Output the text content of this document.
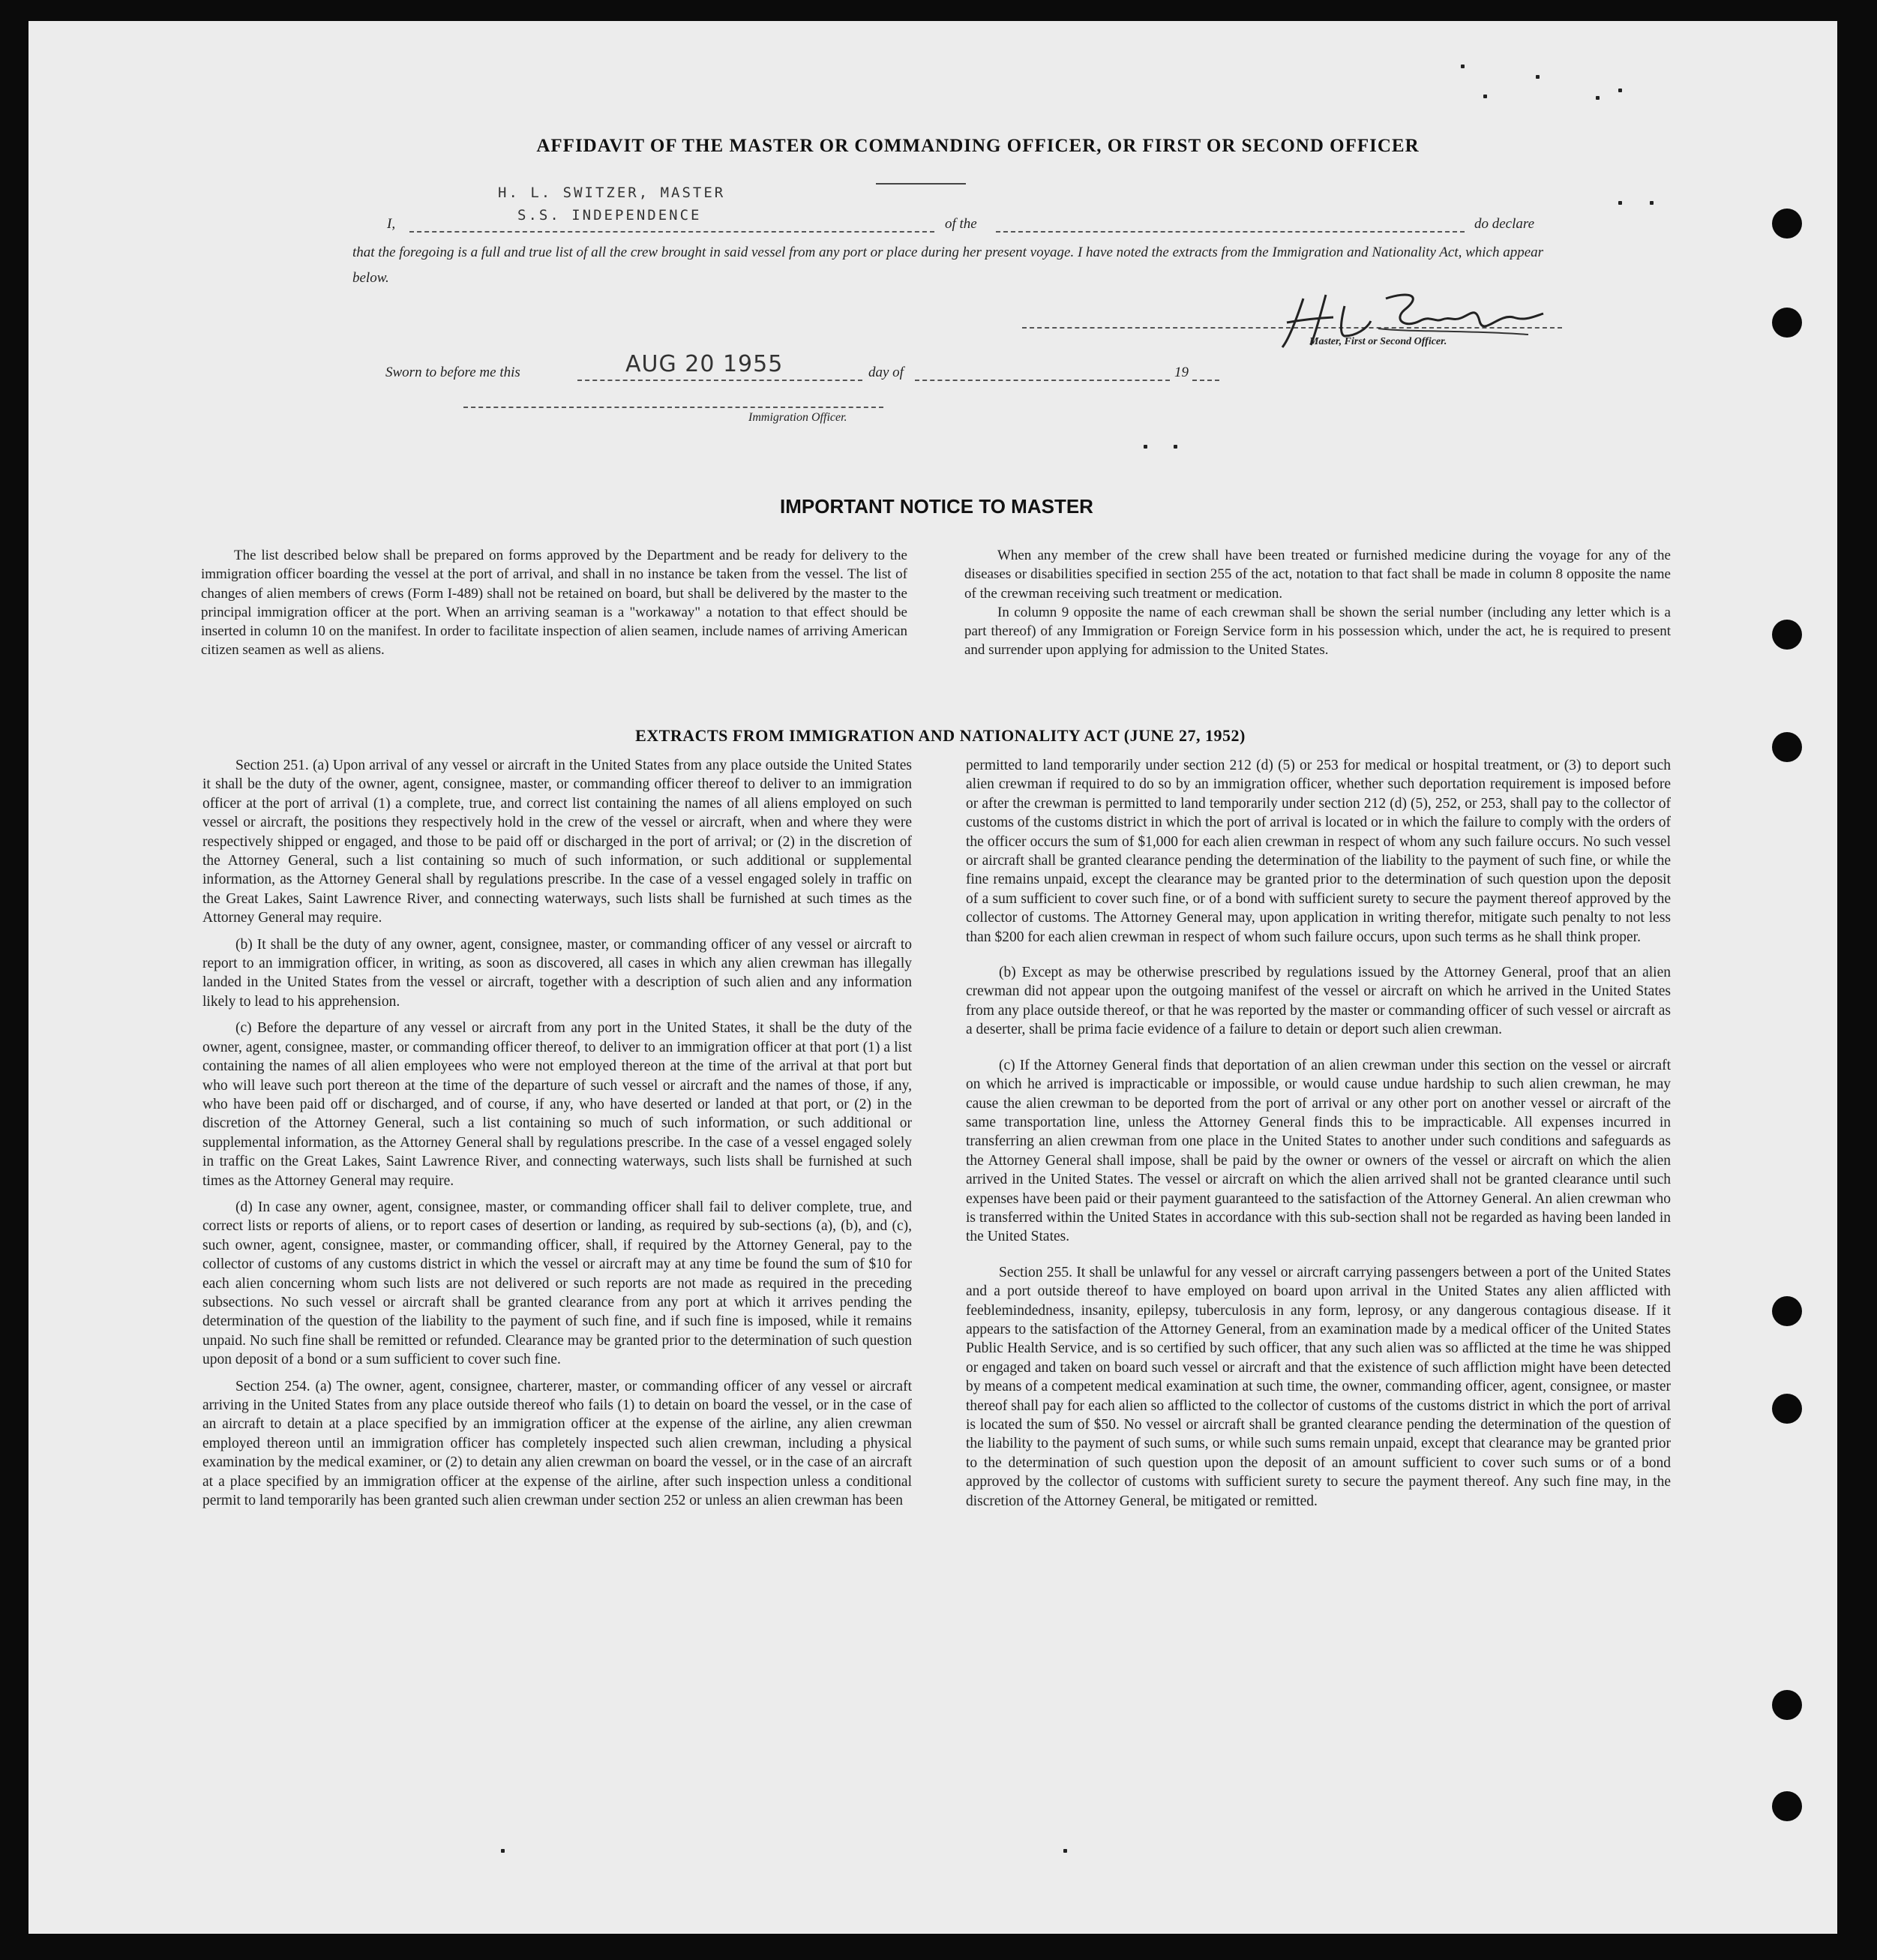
AFFIDAVIT OF THE MASTER OR COMMANDING OFFICER, OR FIRST OR SECOND OFFICER
H. L. SWITZER, MASTER
S.S. INDEPENDENCE
I,	of the	do declare
that the foregoing is a full and true list of all the crew brought in said vessel from any port or place during her present voyage. I have noted the extracts from the Immigration and Nationality Act, which appear below.
Master, First or Second Officer.
Sworn to before me this	AUG 20 1955	day of	19
Immigration Officer.
IMPORTANT NOTICE TO MASTER

The list described below shall be prepared on forms approved by the Department and be ready for delivery to the immigration officer boarding the vessel at the port of arrival, and shall in no instance be taken from the vessel. The list of changes of alien members of crews (Form I-489) shall not be retained on board, but shall be delivered by the master to the principal immigration officer at the port. When an arriving seaman is a "workaway" a notation to that effect should be inserted in column 10 on the manifest. In order to facilitate inspection of alien seamen, include names of arriving American citizen seamen as well as aliens.

When any member of the crew shall have been treated or furnished medicine during the voyage for any of the diseases or disabilities specified in section 255 of the act, notation to that fact shall be made in column 8 opposite the name of the crewman receiving such treatment or medication.

In column 9 opposite the name of each crewman shall be shown the serial number (including any letter which is a part thereof) of any Immigration or Foreign Service form in his possession which, under the act, he is required to present and surrender upon applying for admission to the United States.

EXTRACTS FROM IMMIGRATION AND NATIONALITY ACT (JUNE 27, 1952)

Section 251. (a) Upon arrival of any vessel or aircraft in the United States from any place outside the United States it shall be the duty of the owner, agent, consignee, master, or commanding officer thereof to deliver to an immigration officer at the port of arrival (1) a complete, true, and correct list containing the names of all aliens employed on such vessel or aircraft, the positions they respectively hold in the crew of the vessel or aircraft, when and where they were respectively shipped or engaged, and those to be paid off or discharged in the port of arrival; or (2) in the discretion of the Attorney General, such a list containing so much of such information, or such additional or supplemental information, as the Attorney General shall by regulations prescribe. In the case of a vessel engaged solely in traffic on the Great Lakes, Saint Lawrence River, and connecting waterways, such lists shall be furnished at such times as the Attorney General may require.

(b) It shall be the duty of any owner, agent, consignee, master, or commanding officer of any vessel or aircraft to report to an immigration officer, in writing, as soon as discovered, all cases in which any alien crewman has illegally landed in the United States from the vessel or aircraft, together with a description of such alien and any information likely to lead to his apprehension.

(c) Before the departure of any vessel or aircraft from any port in the United States, it shall be the duty of the owner, agent, consignee, master, or commanding officer thereof, to deliver to an immigration officer at that port (1) a list containing the names of all alien employees who were not employed thereon at the time of the arrival at that port but who will leave such port thereon at the time of the departure of such vessel or aircraft and the names of those, if any, who have been paid off or discharged, and of course, if any, who have deserted or landed at that port, or (2) in the discretion of the Attorney General, such a list containing so much of such information, or such additional or supplemental information, as the Attorney General shall by regulations prescribe. In the case of a vessel engaged solely in traffic on the Great Lakes, Saint Lawrence River, and connecting waterways, such lists shall be furnished at such times as the Attorney General may require.

(d) In case any owner, agent, consignee, master, or commanding officer shall fail to deliver complete, true, and correct lists or reports of aliens, or to report cases of desertion or landing, as required by sub-sections (a), (b), and (c), such owner, agent, consignee, master, or commanding officer, shall, if required by the Attorney General, pay to the collector of customs of any customs district in which the vessel or aircraft may at any time be found the sum of $10 for each alien concerning whom such lists are not delivered or such reports are not made as required in the preceding subsections. No such vessel or aircraft shall be granted clearance from any port at which it arrives pending the determination of the question of the liability to the payment of such fine, and if such fine is imposed, while it remains unpaid. No such fine shall be remitted or refunded. Clearance may be granted prior to the determination of such question upon deposit of a bond or a sum sufficient to cover such fine.

Section 254. (a) The owner, agent, consignee, charterer, master, or commanding officer of any vessel or aircraft arriving in the United States from any place outside thereof who fails (1) to detain on board the vessel, or in the case of an aircraft to detain at a place specified by an immigration officer at the expense of the airline, any alien crewman employed thereon until an immigration officer has completely inspected such alien crewman, including a physical examination by the medical examiner, or (2) to detain any alien crewman on board the vessel, or in the case of an aircraft at a place specified by an immigration officer at the expense of the airline, after such inspection unless a conditional permit to land temporarily has been granted such alien crewman under section 252 or unless an alien crewman has been

permitted to land temporarily under section 212 (d) (5) or 253 for medical or hospital treatment, or (3) to deport such alien crewman if required to do so by an immigration officer, whether such deportation requirement is imposed before or after the crewman is permitted to land temporarily under section 212 (d) (5), 252, or 253, shall pay to the collector of customs of the customs district in which the port of arrival is located or in which the failure to comply with the orders of the officer occurs the sum of $1,000 for each alien crewman in respect of whom any such failure occurs. No such vessel or aircraft shall be granted clearance pending the determination of the liability to the payment of such fine, or while the fine remains unpaid, except the clearance may be granted prior to the determination of such question upon the deposit of a sum sufficient to cover such fine, or of a bond with sufficient surety to secure the payment thereof approved by the collector of customs. The Attorney General may, upon application in writing therefor, mitigate such penalty to not less than $200 for each alien crewman in respect of whom such failure occurs, upon such terms as he shall think proper.

(b) Except as may be otherwise prescribed by regulations issued by the Attorney General, proof that an alien crewman did not appear upon the outgoing manifest of the vessel or aircraft on which he arrived in the United States from any place outside thereof, or that he was reported by the master or commanding officer of such vessel or aircraft as a deserter, shall be prima facie evidence of a failure to detain or deport such alien crewman.

(c) If the Attorney General finds that deportation of an alien crewman under this section on the vessel or aircraft on which he arrived is impracticable or impossible, or would cause undue hardship to such alien crewman, he may cause the alien crewman to be deported from the port of arrival or any other port on another vessel or aircraft of the same transportation line, unless the Attorney General finds this to be impracticable. All expenses incurred in transferring an alien crewman from one place in the United States to another under such conditions and safeguards as the Attorney General shall impose, shall be paid by the owner or owners of the vessel or aircraft on which the alien arrived in the United States. The vessel or aircraft on which the alien arrived shall not be granted clearance until such expenses have been paid or their payment guaranteed to the satisfaction of the Attorney General. An alien crewman who is transferred within the United States in accordance with this sub-section shall not be regarded as having been landed in the United States.

Section 255. It shall be unlawful for any vessel or aircraft carrying passengers between a port of the United States and a port outside thereof to have employed on board upon arrival in the United States any alien afflicted with feeblemindedness, insanity, epilepsy, tuberculosis in any form, leprosy, or any dangerous contagious disease. If it appears to the satisfaction of the Attorney General, from an examination made by a medical officer of the United States Public Health Service, and is so certified by such officer, that any such alien was so afflicted at the time he was shipped or engaged and taken on board such vessel or aircraft and that the existence of such affliction might have been detected by means of a competent medical examination at such time, the owner, commanding officer, agent, consignee, or master thereof shall pay for each alien so afflicted to the collector of customs of the customs district in which the port of arrival is located the sum of $50. No vessel or aircraft shall be granted clearance pending the determination of the question of the liability to the payment of such sums, or while such sums remain unpaid, except that clearance may be granted prior to the determination of such question upon the deposit of an amount sufficient to cover such sums or of a bond approved by the collector of customs with sufficient surety to secure the payment thereof. Any such fine may, in the discretion of the Attorney General, be mitigated or remitted.
